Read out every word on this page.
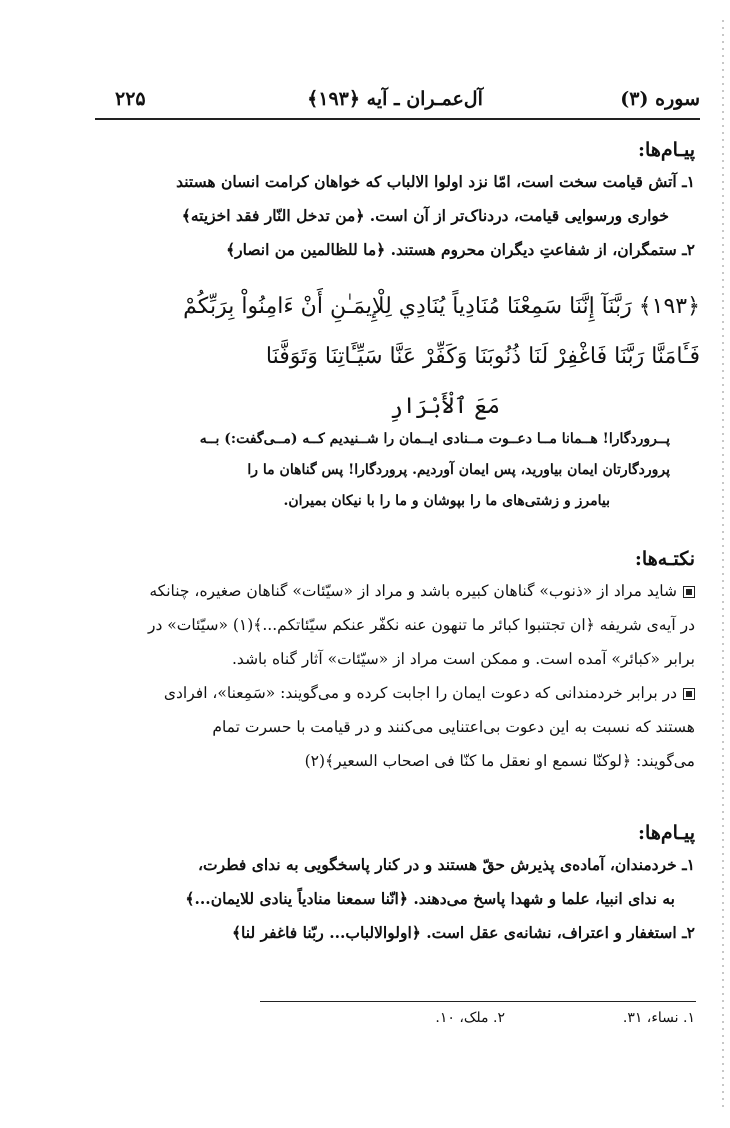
سوره (۳)
آل‌عمـران ـ آیه ﴿۱۹۳﴾
۲۲۵
پیـام‌ها:
۱ـ آتش قیامت سخت است، امّا نزد اولوا الالباب که خواهان کرامت انسان هستند
خواری ورسوایی قیامت، دردناک‌تر از آن است. ﴿من تدخل النّار فقد اخزیته﴾
۲ـ ستمگران، از شفاعتِ دیگران محروم هستند. ﴿ما للظالمین من انصار﴾
﴿۱۹۳﴾ رَبَّنَآ إِنَّنَا سَمِعْنَا مُنَادِياً يُنَادِي لِلْإِيمَـٰنِ أَنْ ءَامِنُواْ بِرَبِّكُمْ
فَـَٔامَنَّا رَبَّنَا فَاغْفِرْ لَنَا ذُنُوبَنَا وَكَفِّرْ عَنَّا سَيِّـَٔاتِنَا وَتَوَفَّنَا
مَعَ ٱلْأَبْرَارِ
پــروردگارا! هــمانا مــا دعــوت مــنادی ایــمان را شــنیدیم کــه (مــی‌گفت:) بــه
پروردگارتان ایمان بیاورید، پس ایمان آوردیم. پروردگارا! پس گناهان ما را
بیامرز و زشتی‌های ما را بپوشان و ما را با نیکان بمیران.
نکتـه‌ها:
شاید مراد از «ذنوب» گناهان کبیره باشد و مراد از «سیّئات» گناهان صغیره، چنانکه
در آیه‌ی شریفه ﴿ان تجتنبوا کبائر ما تنهون عنه نکفّر عنکم سیّئاتکم...﴾(۱) «سیّئات» در
برابر «کبائر» آمده است. و ممکن است مراد از «سیّئات» آثار گناه باشد.
در برابر خردمندانی که دعوت ایمان را اجابت کرده و می‌گویند: «سَمِعنا»، افرادی
هستند که نسبت به این دعوت بی‌اعتنایی می‌کنند و در قیامت با حسرت تمام
می‌گویند: ﴿لوکنّا نسمع او نعقل ما کنّا فی اصحاب السعیر﴾(۲)
پیـام‌ها:
۱ـ خردمندان، آماده‌ی پذیرش حقّ هستند و در کنار پاسخگویی به ندای فطرت،
به ندای انبیا، علما و شهدا پاسخ می‌دهند. ﴿انّنا سمعنا منادیاً ینادی للایمان...﴾
۲ـ استغفار و اعتراف، نشانه‌ی عقل است. ﴿اولوالالباب... ربّنا فاغفر لنا﴾
۱. نساء، ۳۱.
۲. ملک، ۱۰.
